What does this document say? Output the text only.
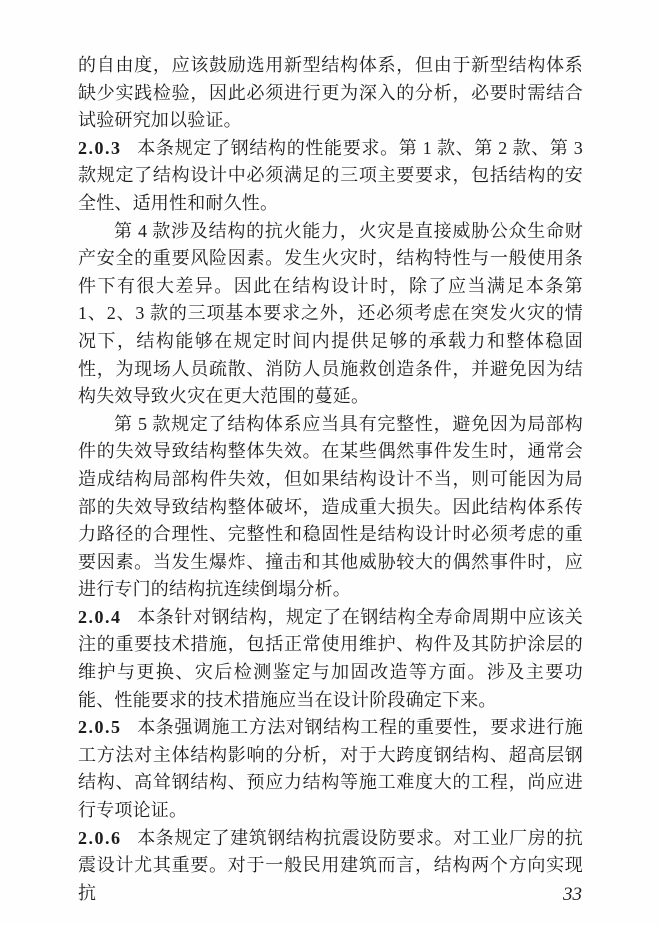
的自由度，应该鼓励选用新型结构体系，但由于新型结构体系缺少实践检验，因此必须进行更为深入的分析，必要时需结合试验研究加以验证。

2.0.3 本条规定了钢结构的性能要求。第 1 款、第 2 款、第 3 款规定了结构设计中必须满足的三项主要要求，包括结构的安全性、适用性和耐久性。

第 4 款涉及结构的抗火能力，火灾是直接威胁公众生命财产安全的重要风险因素。发生火灾时，结构特性与一般使用条件下有很大差异。因此在结构设计时，除了应当满足本条第 1、2、3 款的三项基本要求之外，还必须考虑在突发火灾的情况下，结构能够在规定时间内提供足够的承载力和整体稳固性，为现场人员疏散、消防人员施救创造条件，并避免因为结构失效导致火灾在更大范围的蔓延。

第 5 款规定了结构体系应当具有完整性，避免因为局部构件的失效导致结构整体失效。在某些偶然事件发生时，通常会造成结构局部构件失效，但如果结构设计不当，则可能因为局部的失效导致结构整体破坏，造成重大损失。因此结构体系传力路径的合理性、完整性和稳固性是结构设计时必须考虑的重要因素。当发生爆炸、撞击和其他威胁较大的偶然事件时，应进行专门的结构抗连续倒塌分析。

2.0.4 本条针对钢结构，规定了在钢结构全寿命周期中应该关注的重要技术措施，包括正常使用维护、构件及其防护涂层的维护与更换、灾后检测鉴定与加固改造等方面。涉及主要功能、性能要求的技术措施应当在设计阶段确定下来。

2.0.5 本条强调施工方法对钢结构工程的重要性，要求进行施工方法对主体结构影响的分析，对于大跨度钢结构、超高层钢结构、高耸钢结构、预应力结构等施工难度大的工程，尚应进行专项论证。

2.0.6 本条规定了建筑钢结构抗震设防要求。对工业厂房的抗震设计尤其重要。对于一般民用建筑而言，结构两个方向实现抗	33
